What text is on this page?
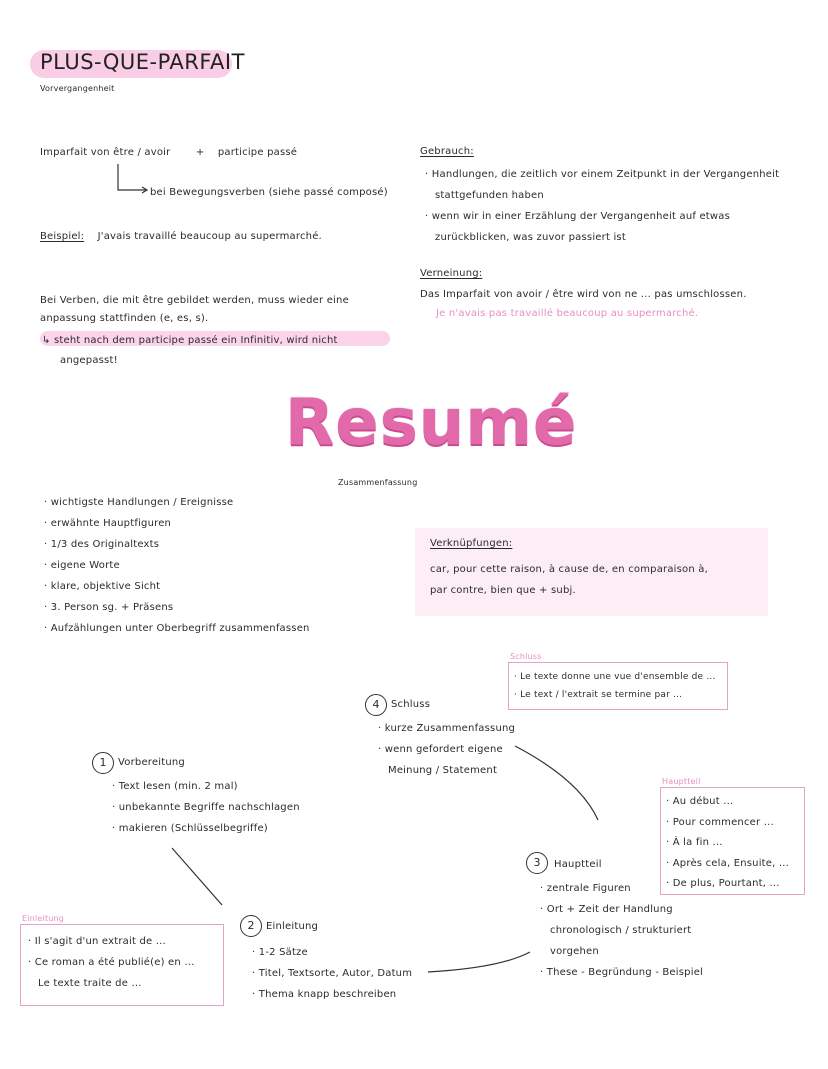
PLUS-QUE-PARFAIT
Vorvergangenheit
Imparfait von être / avoir	+ participe passé
bei Bewegungsverben (siehe passé composé)
Beispiel: J'avais travaillé beaucoup au supermarché.
Bei Verben, die mit être gebildet werden, muss wieder eine
anpassung stattfinden (e, es, s).
↳ steht nach dem participe passé ein Infinitiv, wird nicht
angepasst!
Gebrauch:
· Handlungen, die zeitlich vor einem Zeitpunkt in der Vergangenheit
stattgefunden haben
· wenn wir in einer Erzählung der Vergangenheit auf etwas
zurückblicken, was zuvor passiert ist
Verneinung:
Das Imparfait von avoir / être wird von ne ... pas umschlossen.
Je n'avais pas travaillé beaucoup au supermarché.
Resumé
Zusammenfassung
· wichtigste Handlungen / Ereignisse
· erwähnte Hauptfiguren
· 1/3 des Originaltexts
· eigene Worte
· klare, objektive Sicht
· 3. Person sg. + Präsens
· Aufzählungen unter Oberbegriff zusammenfassen
Verknüpfungen:
car, pour cette raison, à cause de, en comparaison à,
par contre, bien que + subj.
1	Vorbereitung
· Text lesen (min. 2 mal)
· unbekannte Begriffe nachschlagen
· makieren (Schlüsselbegriffe)
2	Einleitung
· 1-2 Sätze
· Titel, Textsorte, Autor, Datum
· Thema knapp beschreiben
3	Hauptteil
· zentrale Figuren
· Ort + Zeit der Handlung
chronologisch / strukturiert
vorgehen
· These - Begründung - Beispiel
4	Schluss
· kurze Zusammenfassung
· wenn gefordert eigene
Meinung / Statement
Einleitung
· Il s'agit d'un extrait de ...
· Ce roman a été publié(e) en ...
Le texte traite de ...
Hauptteil
· Au début ...
· Pour commencer ...
· À la fin ...
· Après cela, Ensuite, ...
· De plus, Pourtant, ...
Schluss
· Le texte donne une vue d'ensemble de ...
· Le text / l'extrait se termine par ...
